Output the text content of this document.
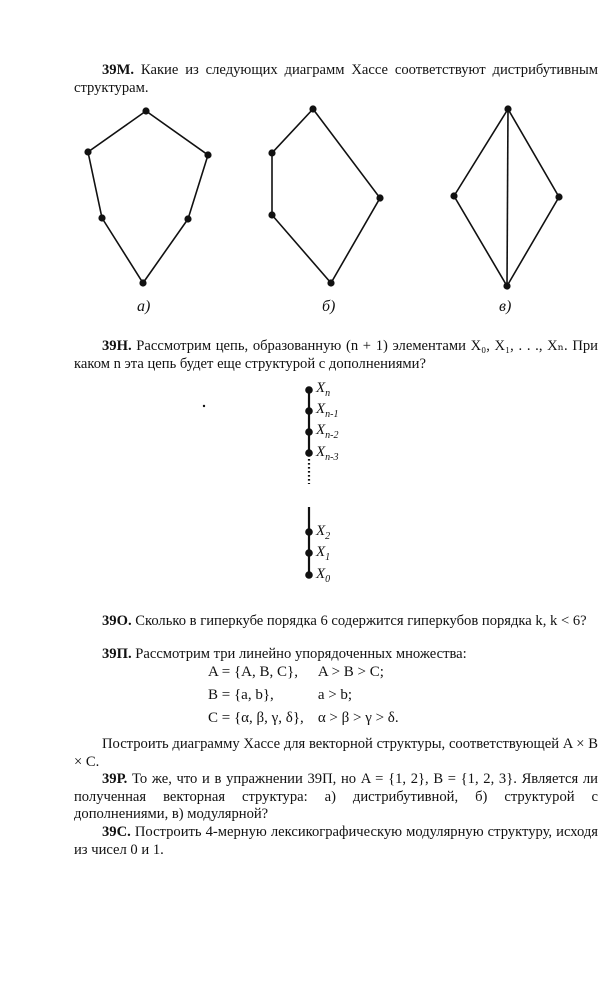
39М. Какие из следующих диаграмм Хассе соответствуют дистрибутивным структурам.
а)	б)	в)
39Н. Рассмотрим цепь, образованную (n + 1) элементами X₀, X₁, . . ., Xₙ. При каком n эта цепь будет еще структурой с дополнениями?
$X_n$
$X_{n-1}$
$X_{n-2}$
$X_{n-3}$
$X_2$
$X_1$
$X_0$
39О. Сколько в гиперкубе порядка 6 содержится гиперкубов порядка k, k < 6?
39П. Рассмотрим три линейно упорядоченных множества:
A = {A, B, C},	A > B > C;
B = {a, b},	a > b;
C = {α, β, γ, δ},	α > β > γ > δ.
Построить диаграмму Хассе для векторной структуры, соответствующей A × B × C.
39Р. То же, что и в упражнении 39П, но A = {1, 2}, B = {1, 2, 3}. Является ли полученная векторная структура: а) дистрибутивной, б) структурой с дополнениями, в) модулярной?
39С. Построить 4-мерную лексикографическую модулярную структуру, исходя из чисел 0 и 1.
